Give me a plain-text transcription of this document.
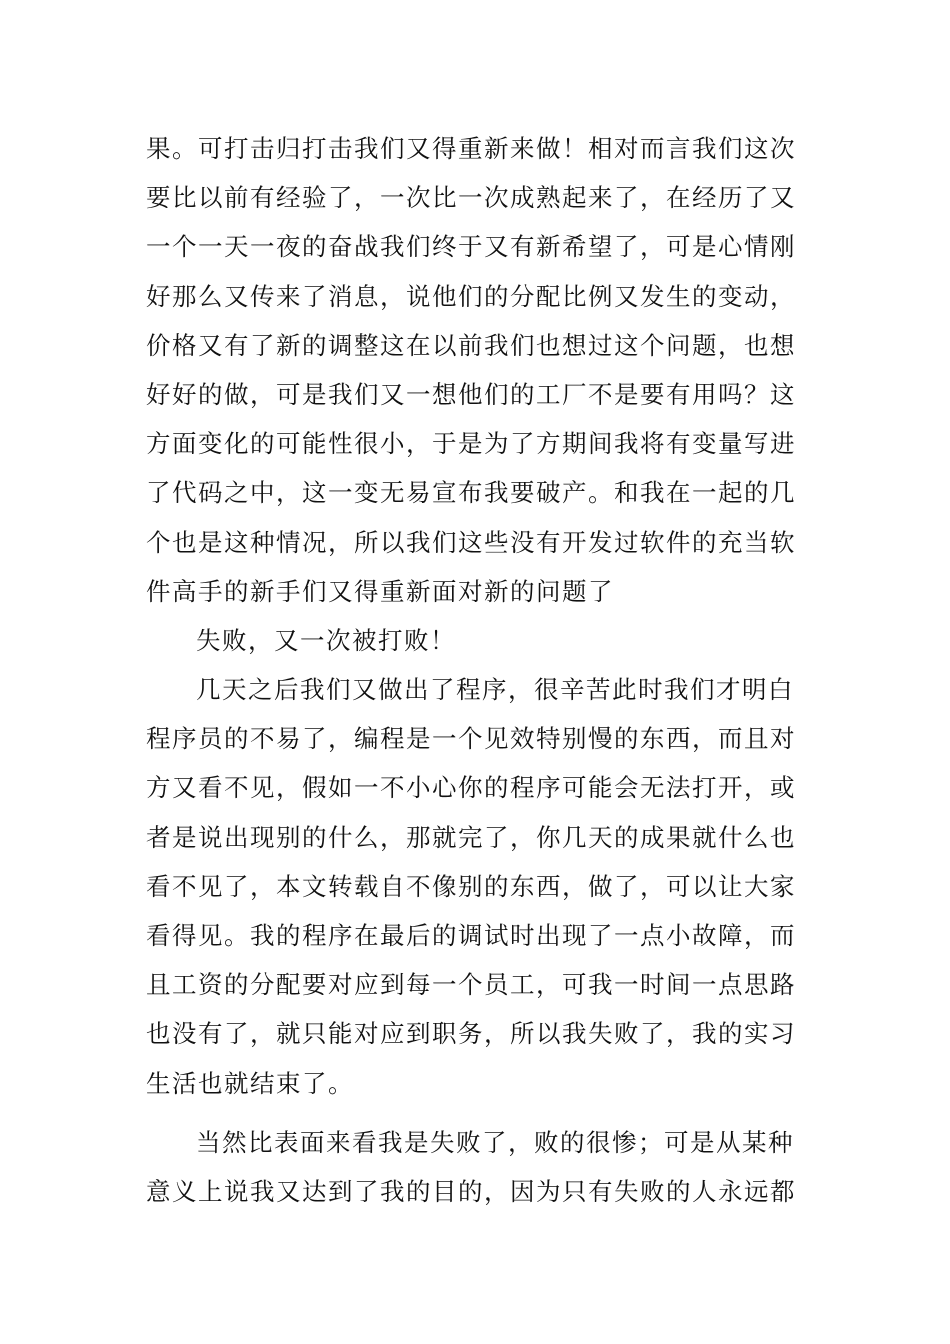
果。可打击归打击我们又得重新来做！相对而言我们这次
要比以前有经验了，一次比一次成熟起来了，在经历了又
一个一天一夜的奋战我们终于又有新希望了，可是心情刚
好那么又传来了消息，说他们的分配比例又发生的变动，
价格又有了新的调整这在以前我们也想过这个问题，也想
好好的做，可是我们又一想他们的工厂不是要有用吗？这
方面变化的可能性很小，于是为了方期间我将有变量写进
了代码之中，这一变无易宣布我要破产。和我在一起的几
个也是这种情况，所以我们这些没有开发过软件的充当软
件高手的新手们又得重新面对新的问题了
失败，又一次被打败！
几天之后我们又做出了程序，很辛苦此时我们才明白
程序员的不易了，编程是一个见效特别慢的东西，而且对
方又看不见，假如一不小心你的程序可能会无法打开，或
者是说出现别的什么，那就完了，你几天的成果就什么也
看不见了，本文转载自不像别的东西，做了，可以让大家
看得见。我的程序在最后的调试时出现了一点小故障，而
且工资的分配要对应到每一个员工，可我一时间一点思路
也没有了，就只能对应到职务，所以我失败了，我的实习
生活也就结束了。
当然比表面来看我是失败了，败的很惨；可是从某种
意义上说我又达到了我的目的，因为只有失败的人永远都
